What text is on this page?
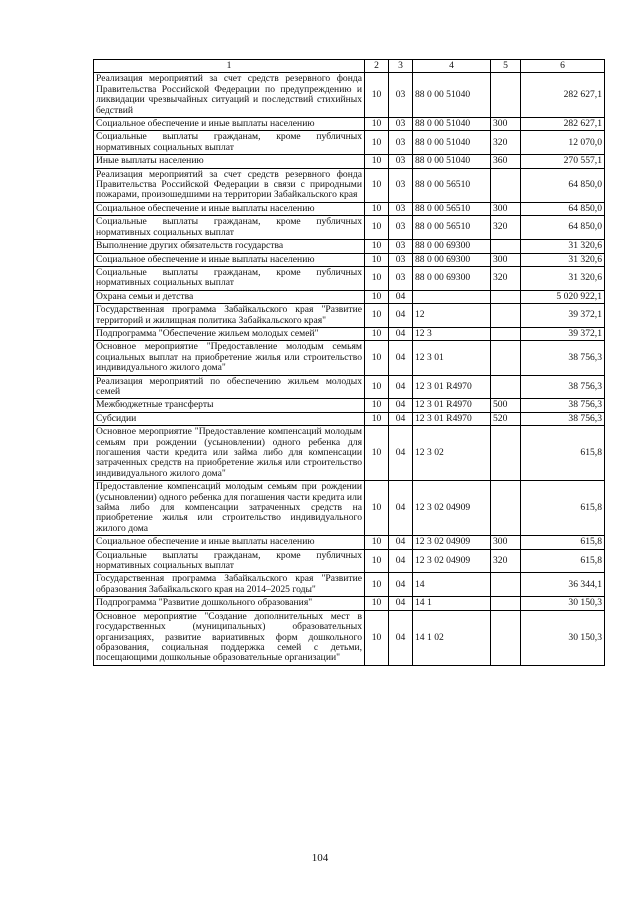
1	2	3	4	5	6
Реализация мероприятий за счет средств резервного фонда Правительства Российской Федерации по предупреждению и ликвидации чрезвычайных ситуаций и последствий стихийных бедствий	10	03	88 0 00 51040		282 627,1
Социальное обеспечение и иные выплаты населению	10	03	88 0 00 51040	300	282 627,1
Социальные выплаты гражданам, кроме публичных нормативных социальных выплат	10	03	88 0 00 51040	320	12 070,0
Иные выплаты населению	10	03	88 0 00 51040	360	270 557,1
Реализация мероприятий за счет средств резервного фонда Правительства Российской Федерации в связи с природными пожарами, произошедшими на территории Забайкальского края	10	03	88 0 00 56510		64 850,0
Социальное обеспечение и иные выплаты населению	10	03	88 0 00 56510	300	64 850,0
Социальные выплаты гражданам, кроме публичных нормативных социальных выплат	10	03	88 0 00 56510	320	64 850,0
Выполнение других обязательств государства	10	03	88 0 00 69300		31 320,6
Социальное обеспечение и иные выплаты населению	10	03	88 0 00 69300	300	31 320,6
Социальные выплаты гражданам, кроме публичных нормативных социальных выплат	10	03	88 0 00 69300	320	31 320,6
Охрана семьи и детства	10	04			5 020 922,1
Государственная программа Забайкальского края "Развитие территорий и жилищная политика Забайкальского края"	10	04	12		39 372,1
Подпрограмма "Обеспечение жильем молодых семей"	10	04	12 3		39 372,1
Основное мероприятие "Предоставление молодым семьям социальных выплат на приобретение жилья или строительство индивидуального жилого дома"	10	04	12 3 01		38 756,3
Реализация мероприятий по обеспечению жильем молодых семей	10	04	12 3 01 R4970		38 756,3
Межбюджетные трансферты	10	04	12 3 01 R4970	500	38 756,3
Субсидии	10	04	12 3 01 R4970	520	38 756,3
Основное мероприятие "Предоставление компенсаций молодым семьям при рождении (усыновлении) одного ребенка для погашения части кредита или займа либо для компенсации затраченных средств на приобретение жилья или строительство индивидуального жилого дома"	10	04	12 3 02		615,8
Предоставление компенсаций молодым семьям при рождении (усыновлении) одного ребенка для погашения части кредита или займа либо для компенсации затраченных средств на приобретение жилья или строительство индивидуального жилого дома	10	04	12 3 02 04909		615,8
Социальное обеспечение и иные выплаты населению	10	04	12 3 02 04909	300	615,8
Социальные выплаты гражданам, кроме публичных нормативных социальных выплат	10	04	12 3 02 04909	320	615,8
Государственная программа Забайкальского края "Развитие образования Забайкальского края на 2014–2025 годы"	10	04	14		36 344,1
Подпрограмма "Развитие дошкольного образования"	10	04	14 1		30 150,3
Основное мероприятие "Создание дополнительных мест в государственных (муниципальных) образовательных организациях, развитие вариативных форм дошкольного образования, социальная поддержка семей с детьми, посещающими дошкольные образовательные организации"	10	04	14 1 02		30 150,3
104
